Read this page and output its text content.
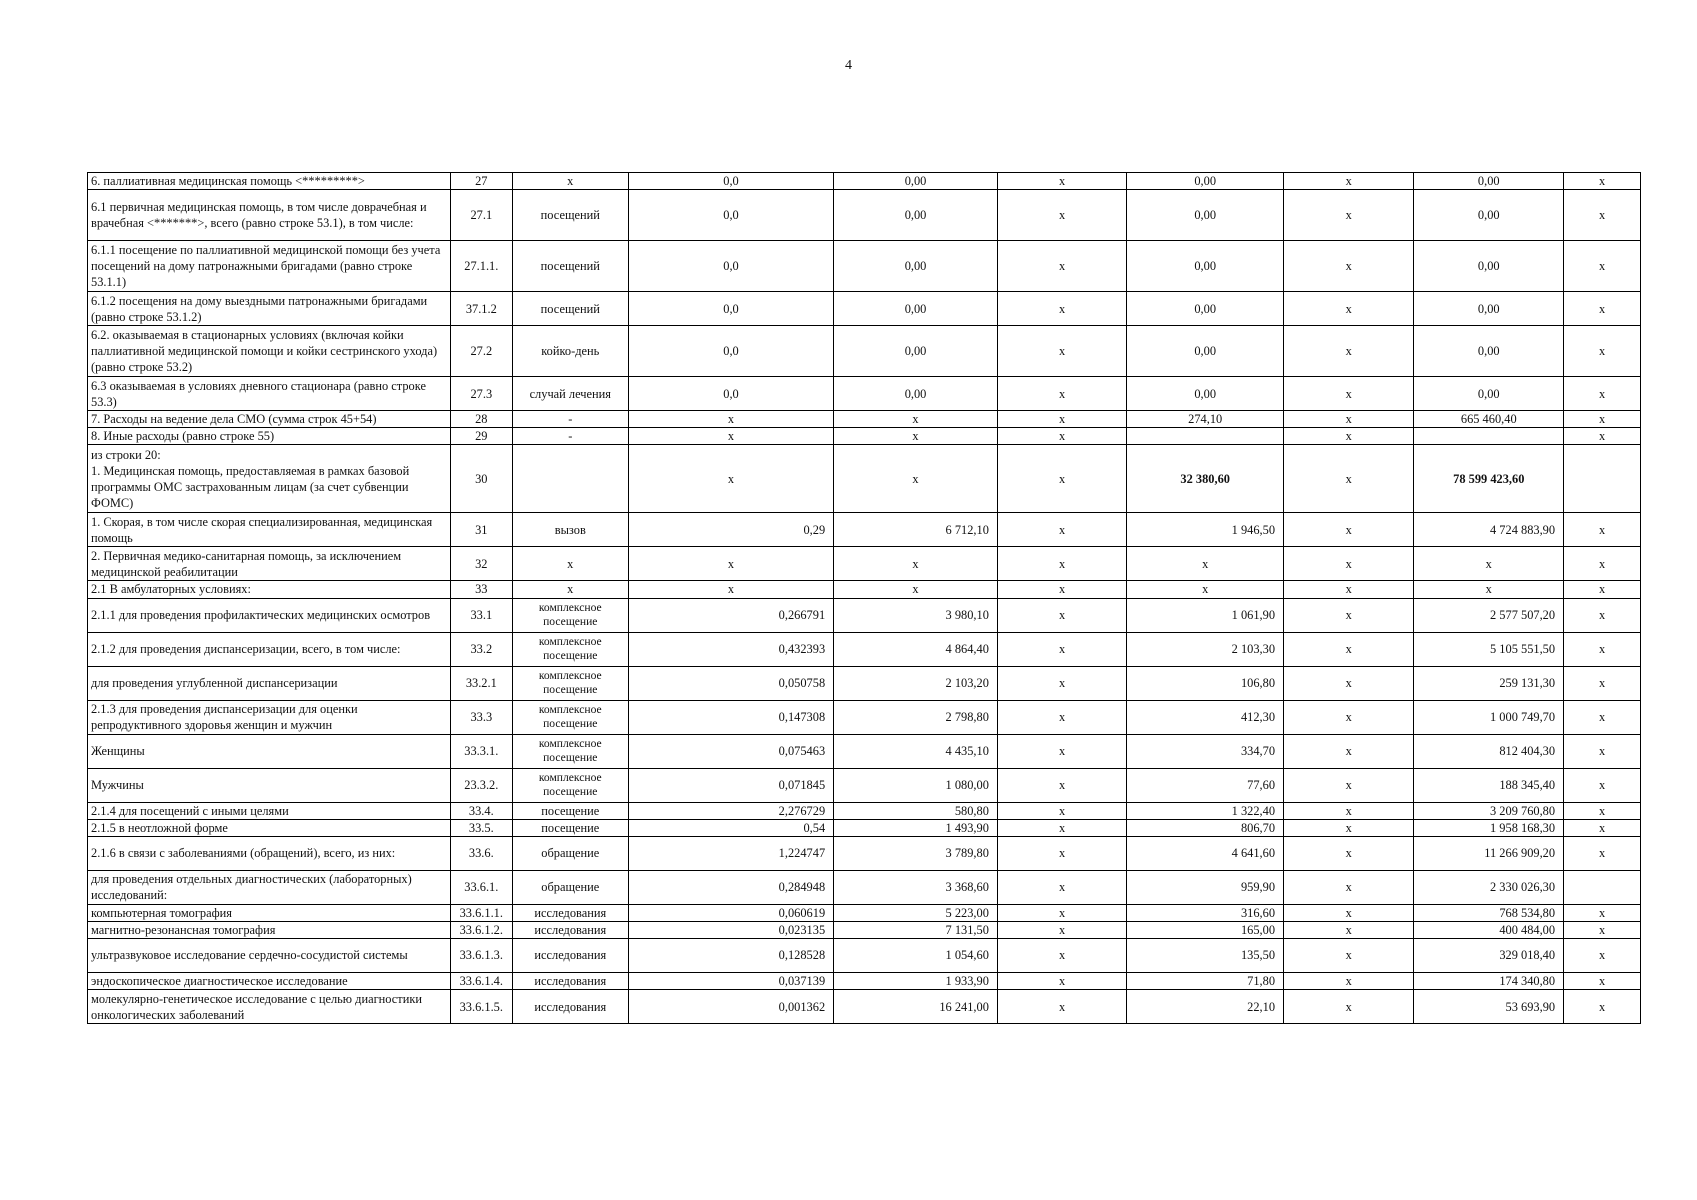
4
6. паллиативная медицинская помощь <*********>	27	х	0,0	0,00	х	0,00	х	0,00	х
6.1 первичная медицинская помощь, в том числе доврачебная и врачебная <*******>, всего (равно строке 53.1), в том числе:	27.1	посещений	0,0	0,00	х	0,00	х	0,00	х
6.1.1 посещение по паллиативной медицинской помощи без учета посещений на дому патронажными бригадами (равно строке 53.1.1)	27.1.1.	посещений	0,0	0,00	х	0,00	х	0,00	х
6.1.2 посещения на дому выездными патронажными бригадами (равно строке 53.1.2)	37.1.2	посещений	0,0	0,00	х	0,00	х	0,00	х
6.2. оказываемая в стационарных условиях (включая койки паллиативной медицинской помощи и койки сестринского ухода) (равно строке 53.2)	27.2	койко-день	0,0	0,00	х	0,00	х	0,00	х
6.3 оказываемая в условиях дневного стационара (равно строке 53.3)	27.3	случай лечения	0,0	0,00	х	0,00	х	0,00	х
7. Расходы на ведение дела СМО (сумма строк 45+54)	28	-	х	х	х	274,10	х	665 460,40	х
8. Иные расходы (равно строке 55)	29	-	х	х	х		х		х
из строки 20:
1. Медицинская помощь, предоставляемая в рамках базовой программы ОМС застрахованным лицам (за счет субвенции ФОМС)	30		х	х	х	32 380,60	х	78 599 423,60	
1. Скорая, в том числе скорая специализированная, медицинская помощь	31	вызов	0,29	6 712,10	х	1 946,50	х	4 724 883,90	х
2. Первичная медико-санитарная помощь, за исключением медицинской реабилитации	32	х	х	х	х	х	х	х	х
2.1 В амбулаторных условиях:	33	х	х	х	х	х	х	х	х
2.1.1 для проведения профилактических медицинских осмотров	33.1	комплексное посещение	0,266791	3 980,10	х	1 061,90	х	2 577 507,20	х
2.1.2 для проведения диспансеризации, всего, в том числе:	33.2	комплексное посещение	0,432393	4 864,40	х	2 103,30	х	5 105 551,50	х
для проведения углубленной диспансеризации	33.2.1	комплексное посещение	0,050758	2 103,20	х	106,80	х	259 131,30	х
2.1.3 для проведения диспансеризации для оценки репродуктивного здоровья женщин и мужчин	33.3	комплексное посещение	0,147308	2 798,80	х	412,30	х	1 000 749,70	х
Женщины	33.3.1.	комплексное посещение	0,075463	4 435,10	х	334,70	х	812 404,30	х
Мужчины	23.3.2.	комплексное посещение	0,071845	1 080,00	х	77,60	х	188 345,40	х
2.1.4 для посещений с иными целями	33.4.	посещение	2,276729	580,80	х	1 322,40	х	3 209 760,80	х
2.1.5 в неотложной форме	33.5.	посещение	0,54	1 493,90	х	806,70	х	1 958 168,30	х
2.1.6 в связи с заболеваниями (обращений), всего, из них:	33.6.	обращение	1,224747	3 789,80	х	4 641,60	х	11 266 909,20	х
для проведения отдельных диагностических (лабораторных) исследований:	33.6.1.	обращение	0,284948	3 368,60	х	959,90	х	2 330 026,30	
компьютерная томография	33.6.1.1.	исследования	0,060619	5 223,00	х	316,60	х	768 534,80	х
магнитно-резонансная томография	33.6.1.2.	исследования	0,023135	7 131,50	х	165,00	х	400 484,00	х
ультразвуковое исследование сердечно-сосудистой системы	33.6.1.3.	исследования	0,128528	1 054,60	х	135,50	х	329 018,40	х
эндоскопическое диагностическое исследование	33.6.1.4.	исследования	0,037139	1 933,90	х	71,80	х	174 340,80	х
молекулярно-генетическое исследование с целью диагностики онкологических заболеваний	33.6.1.5.	исследования	0,001362	16 241,00	х	22,10	х	53 693,90	х
